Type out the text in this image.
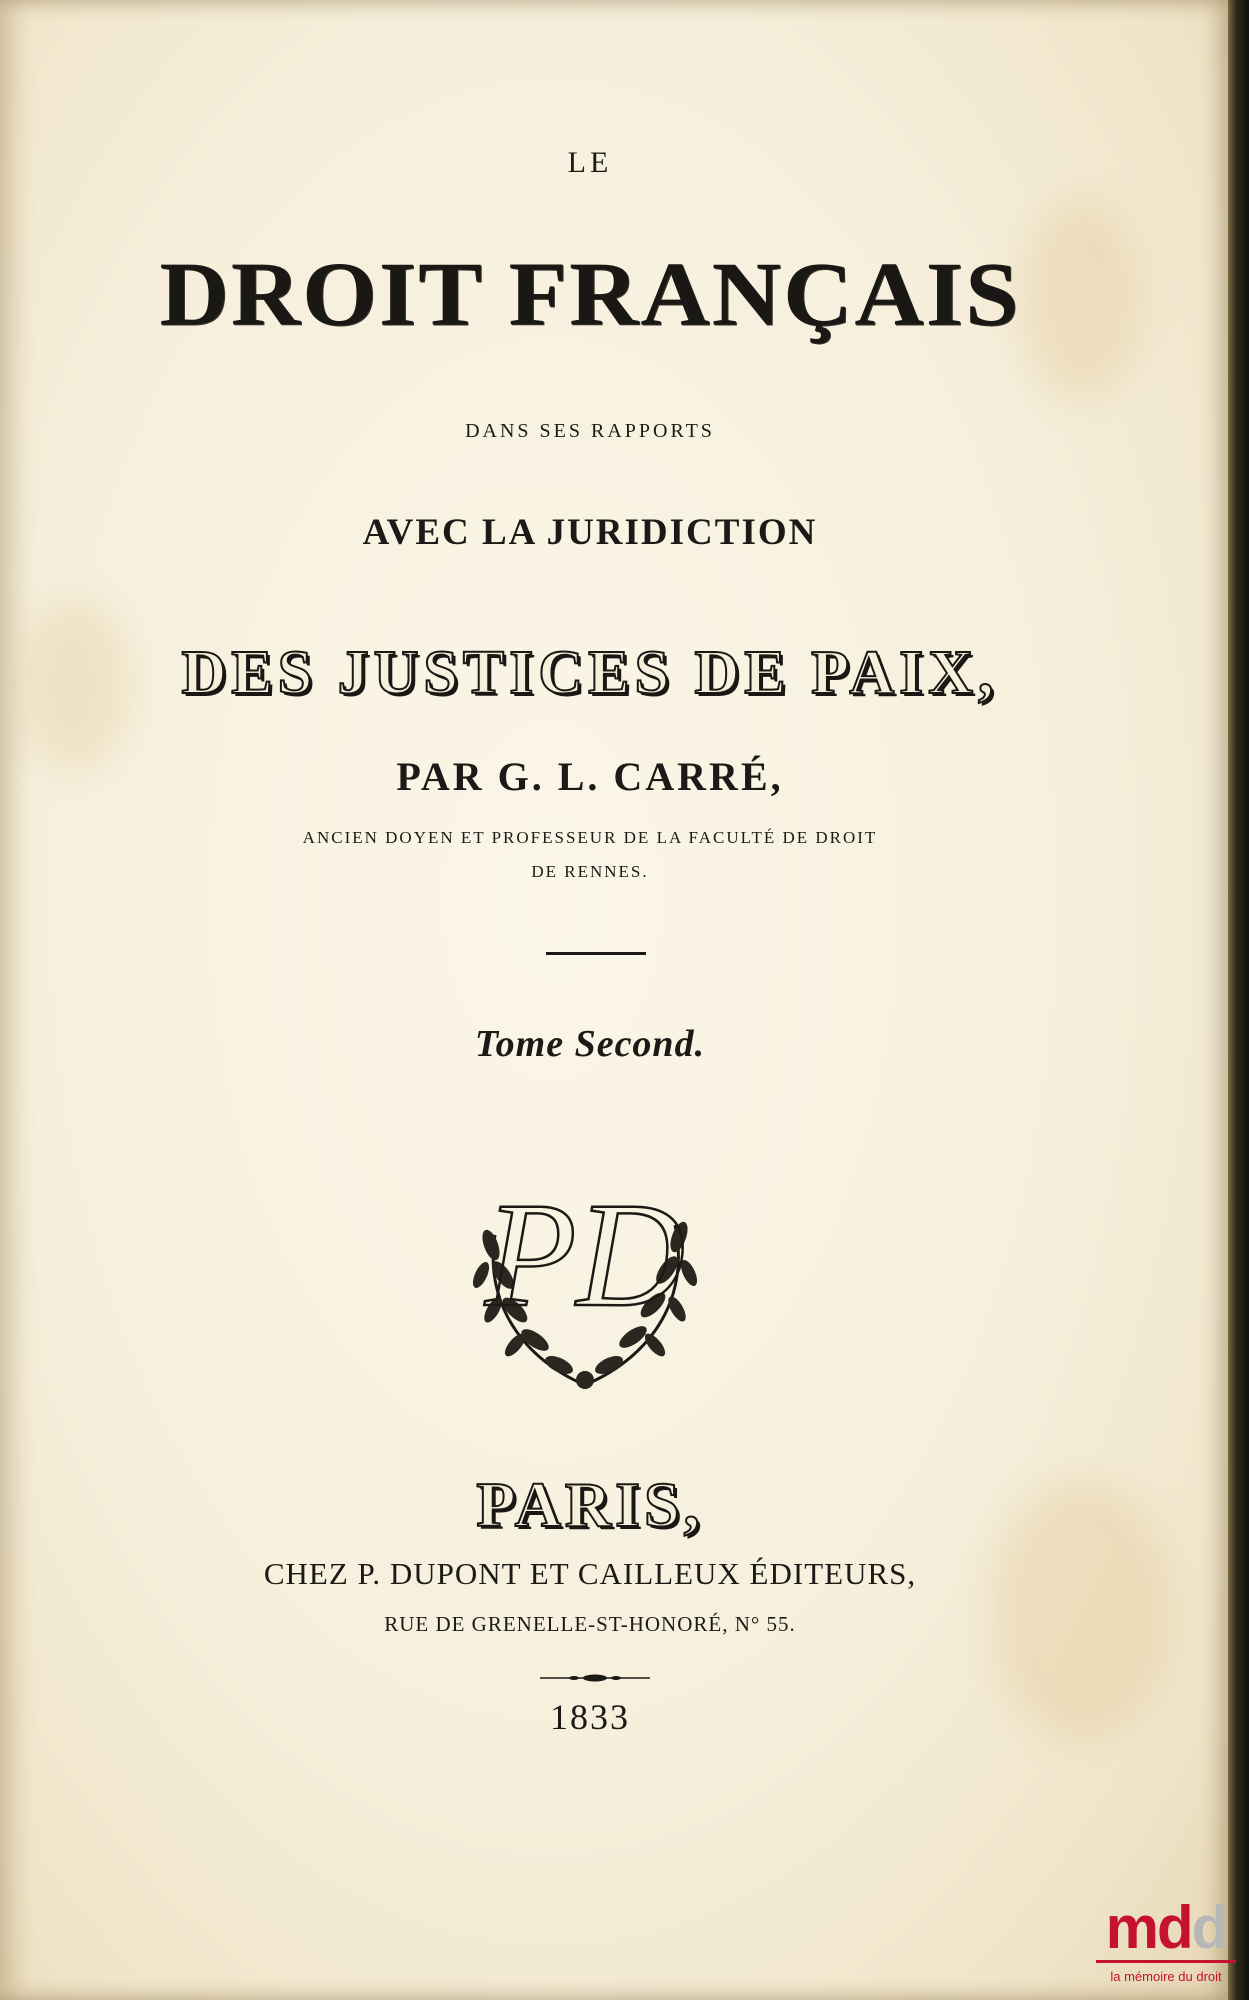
LE
DROIT FRANÇAIS
DANS SES RAPPORTS
AVEC LA JURIDICTION
DES JUSTICES DE PAIX,
PAR G. L. CARRÉ,
ANCIEN DOYEN ET PROFESSEUR DE LA FACULTÉ DE DROIT
DE RENNES.
Tome Second.
PD
PARIS,
CHEZ P. DUPONT ET CAILLEUX ÉDITEURS,
RUE DE GRENELLE-ST-HONORÉ, N° 55.
1833
mdd
la mémoire du droit
